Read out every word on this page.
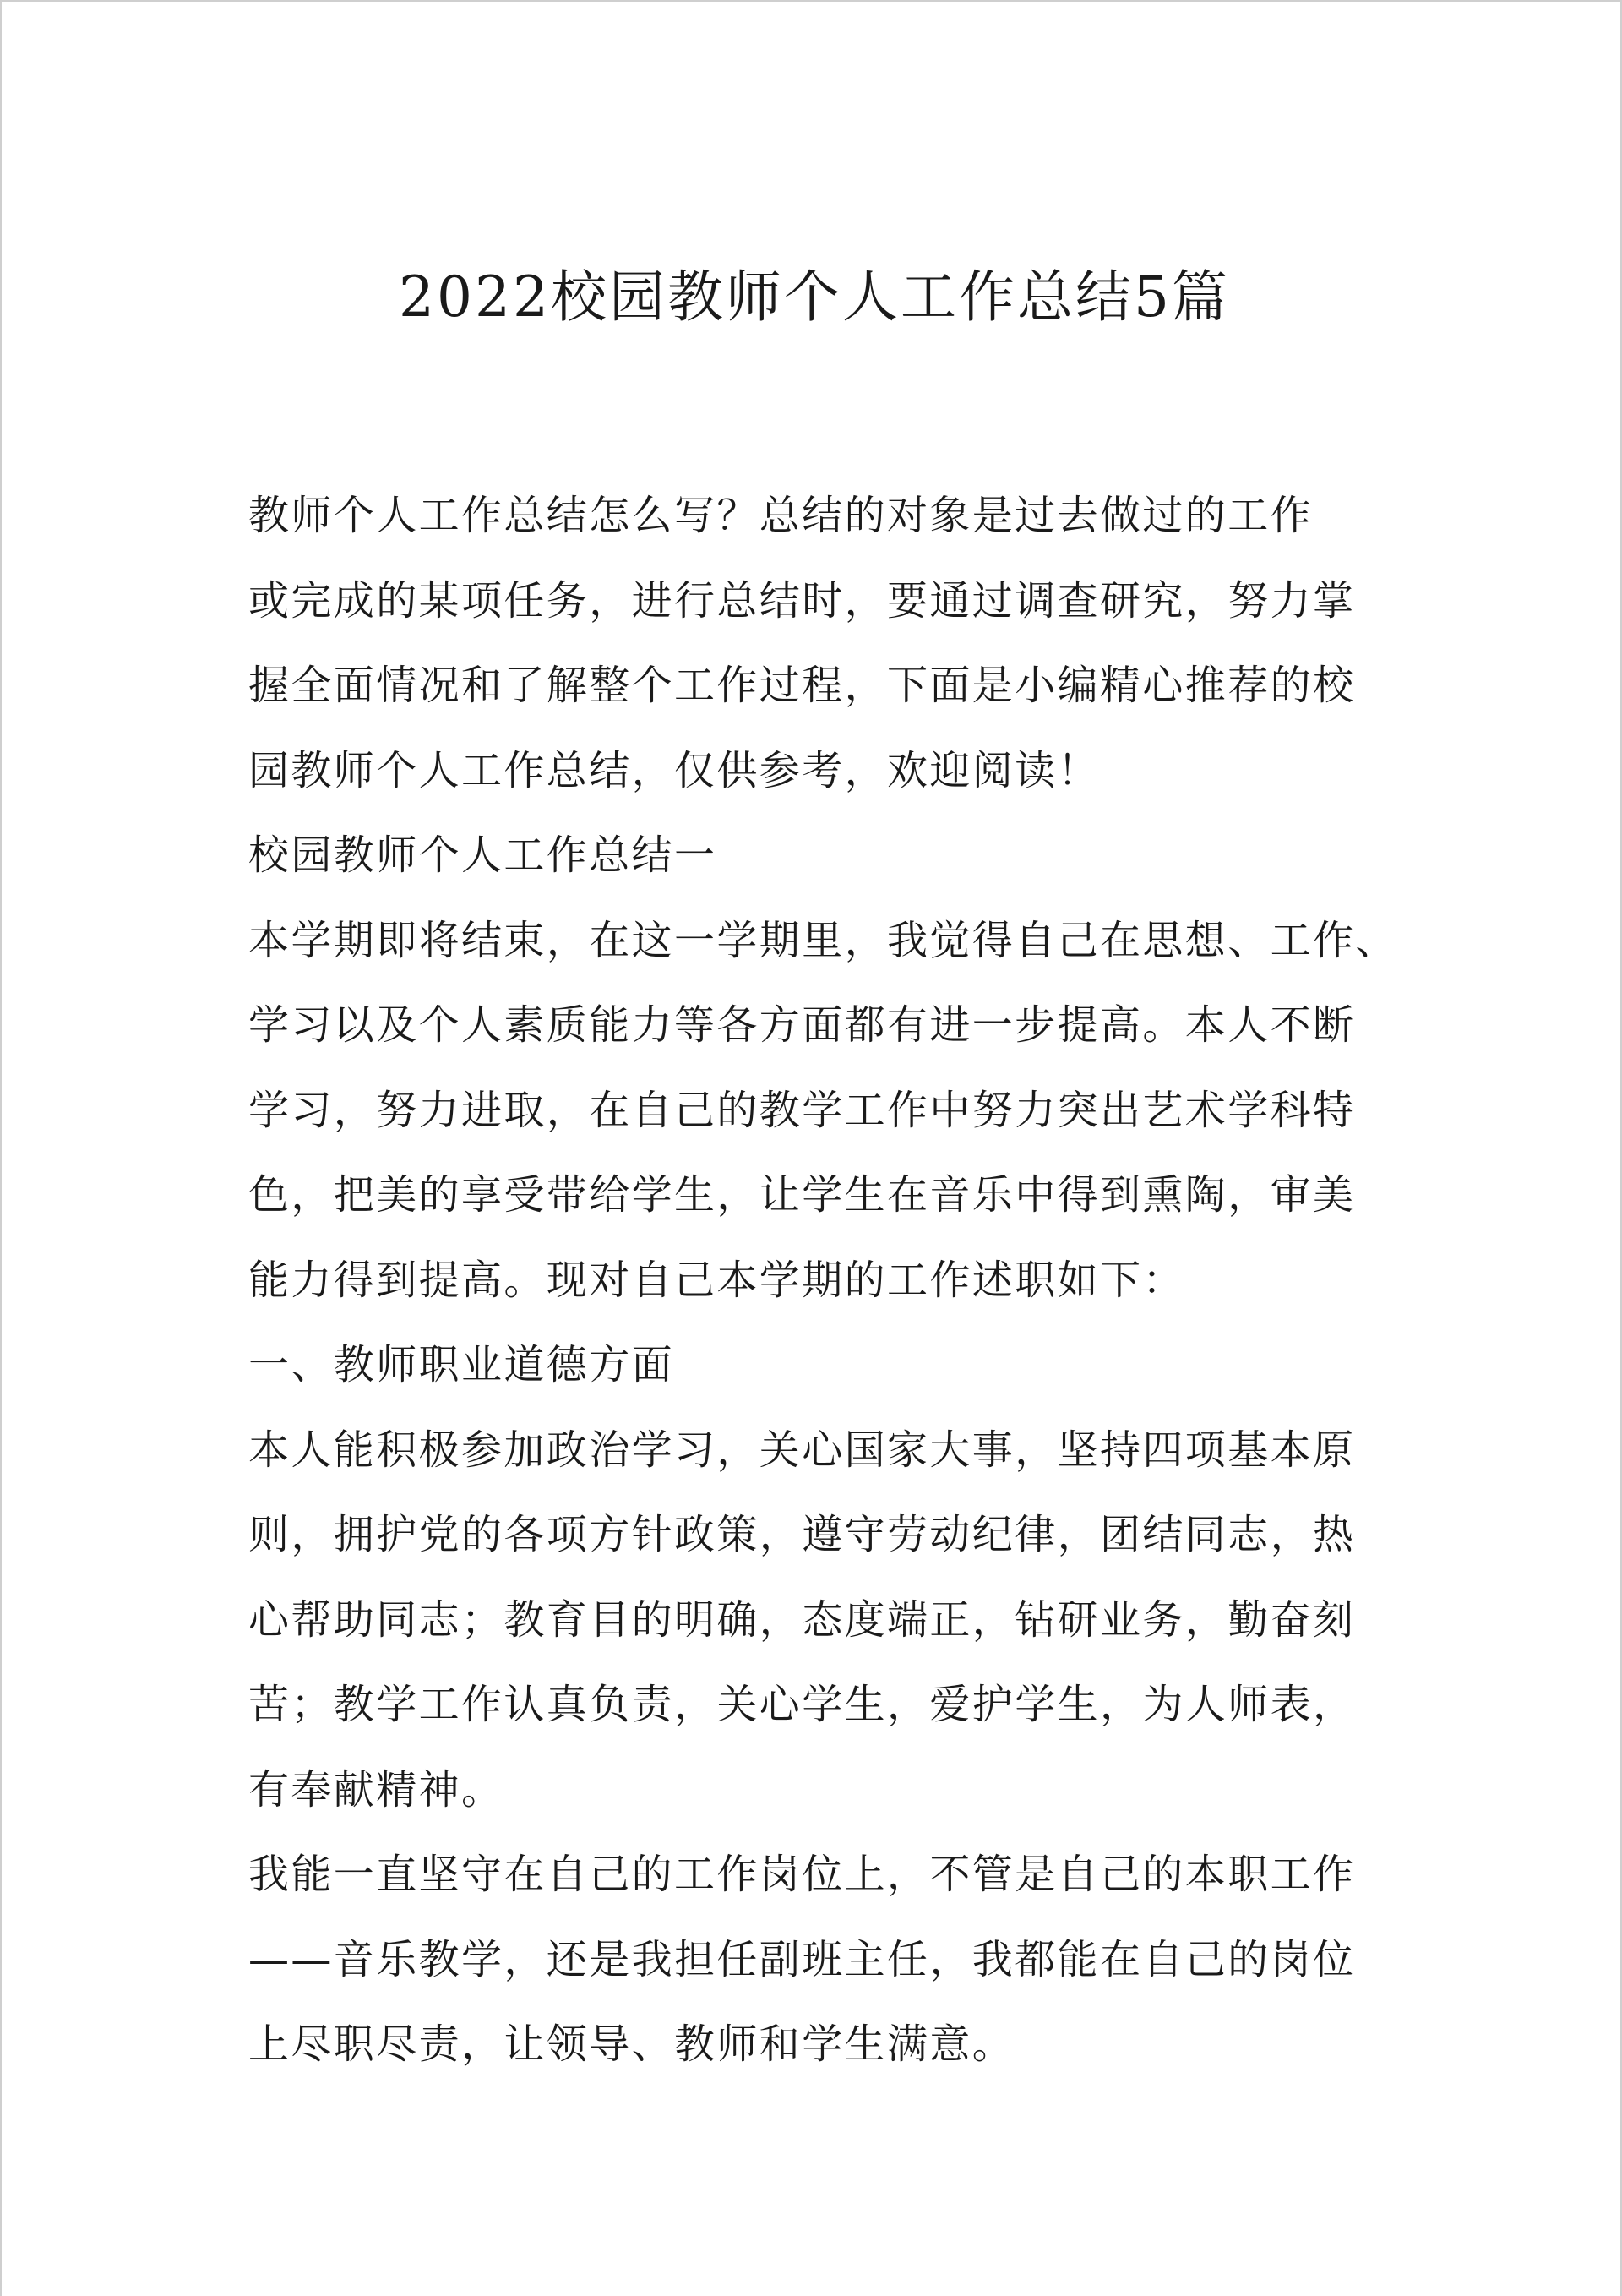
2022校园教师个人工作总结5篇
教师个人工作总结怎么写？总结的对象是过去做过的工作
或完成的某项任务，进行总结时，要通过调查研究，努力掌
握全面情况和了解整个工作过程，下面是小编精心推荐的校
园教师个人工作总结，仅供参考，欢迎阅读！
校园教师个人工作总结一
本学期即将结束，在这一学期里，我觉得自己在思想、工作、
学习以及个人素质能力等各方面都有进一步提高。本人不断
学习，努力进取，在自己的教学工作中努力突出艺术学科特
色，把美的享受带给学生，让学生在音乐中得到熏陶，审美
能力得到提高。现对自己本学期的工作述职如下：
一、教师职业道德方面
本人能积极参加政治学习，关心国家大事，坚持四项基本原
则，拥护党的各项方针政策，遵守劳动纪律，团结同志，热
心帮助同志；教育目的明确，态度端正，钻研业务，勤奋刻
苦；教学工作认真负责，关心学生，爱护学生，为人师表，
有奉献精神。
我能一直坚守在自己的工作岗位上，不管是自己的本职工作
——音乐教学，还是我担任副班主任，我都能在自己的岗位
上尽职尽责，让领导、教师和学生满意。
